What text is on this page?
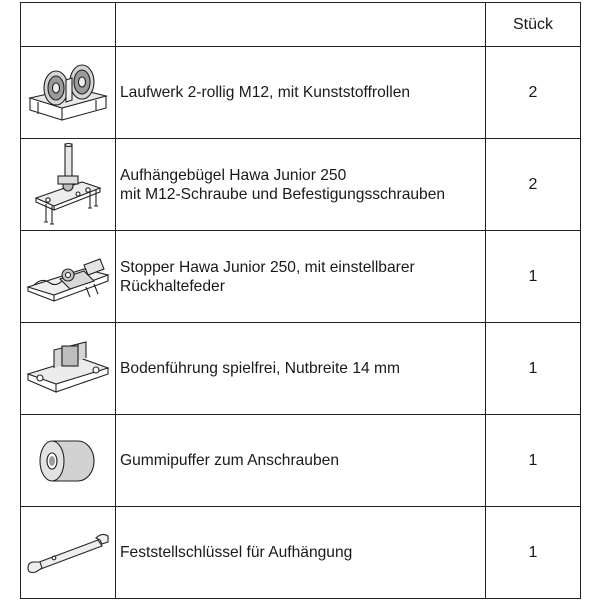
		Stück

Laufwerk 2-rollig M12, mit Kunststoffrollen	2

Aufhängebügel Hawa Junior 250
mit M12-Schraube und Befestigungsschrauben	2

Stopper Hawa Junior 250, mit einstellbarer
Rückhaltefeder	1

Bodenführung spielfrei, Nutbreite 14 mm	1

Gummipuffer zum Anschrauben	1

Feststellschlüssel für Aufhängung	1
